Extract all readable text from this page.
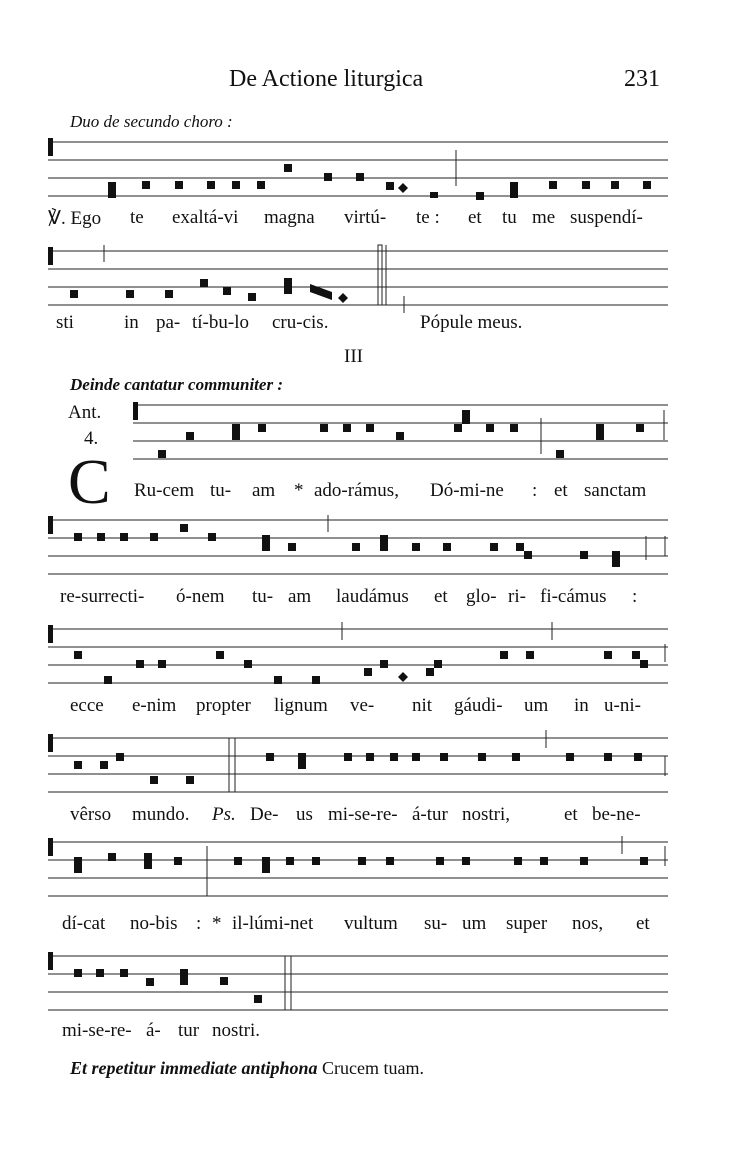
De Actione liturgica	231
Duo de secundo choro :
℣. Ego te exaltá-vi magna virtú- te : et tu me suspendí-
sti	in pa- tí-bu-lo cru-cis.	Pópule meus.
III
Deinde cantatur communiter :
Ant.
4.
C Ru-cem tu- am * ado-rámus, Dó-mi-ne : et sanctam
re-surrecti- ó-nem tu- am laudámus et glo- ri- fi-cámus :
ecce e-nim propter lignum ve- nit gáudi- um in u-ni-
vêrso mundo. Ps. De- us mi-se-re- á-tur nostri,	et be-ne-
dí-cat no-bis : * il-lúmi-net vultum su- um super nos, et
mi-se-re- á- tur nostri.
Et repetitur immediate antiphona Crucem tuam.
